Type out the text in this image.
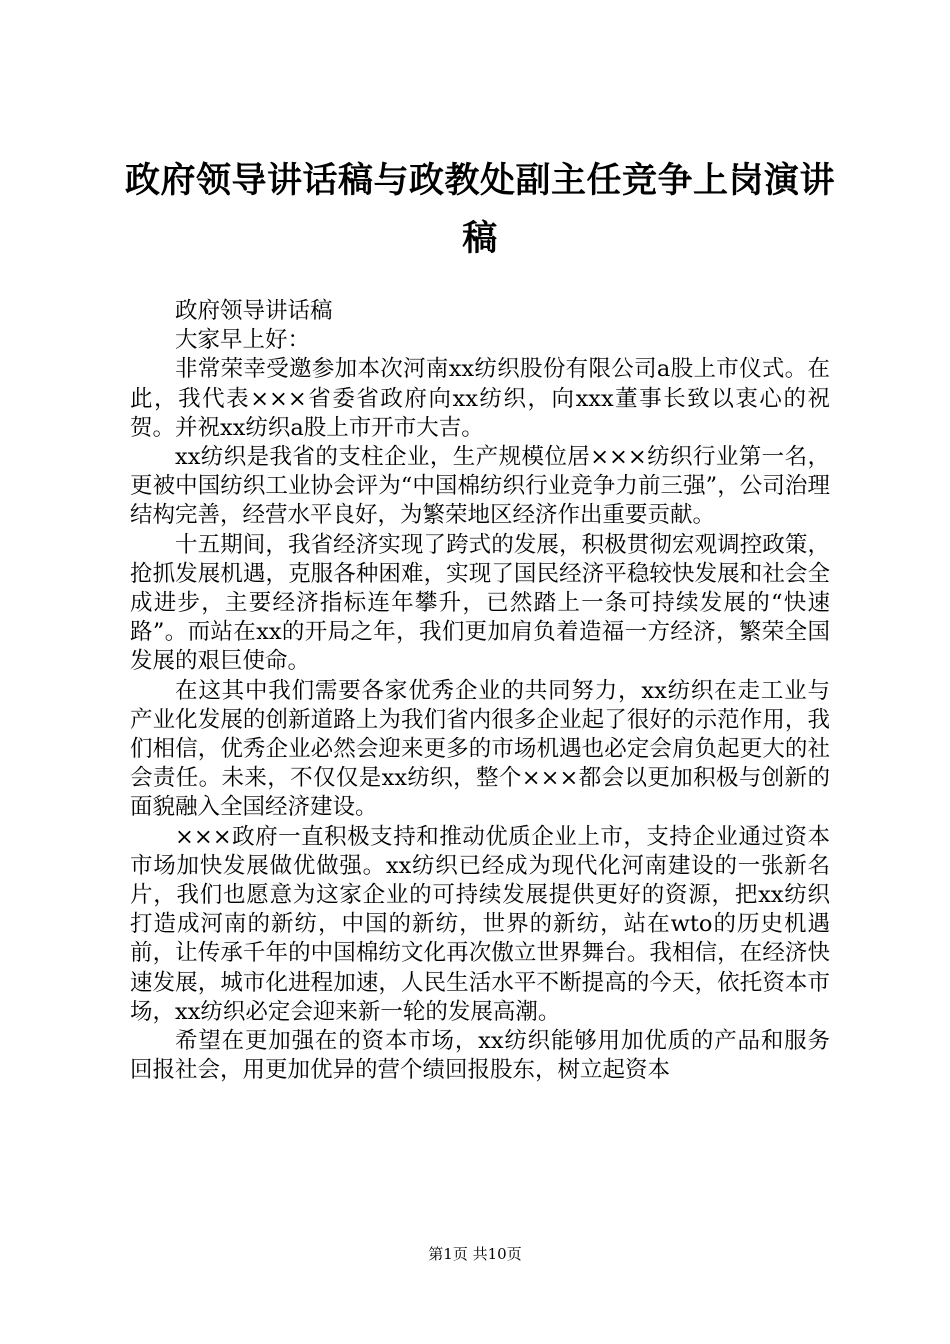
政府领导讲话稿与政教处副主任竞争上岗演讲稿

政府领导讲话稿

大家早上好：

非常荣幸受邀参加本次河南xx纺织股份有限公司a股上市仪式。在此，我代表×××省委省政府向xx纺织，向xxx董事长致以衷心的祝贺。并祝xx纺织a股上市开市大吉。

xx纺织是我省的支柱企业，生产规模位居×××纺织行业第一名，更被中国纺织工业协会评为“中国棉纺织行业竞争力前三强”，公司治理结构完善，经营水平良好，为繁荣地区经济作出重要贡献。

十五期间，我省经济实现了跨式的发展，积极贯彻宏观调控政策，抢抓发展机遇，克服各种困难，实现了国民经济平稳较快发展和社会全成进步，主要经济指标连年攀升，已然踏上一条可持续发展的“快速路”。而站在xx的开局之年，我们更加肩负着造福一方经济，繁荣全国发展的艰巨使命。

在这其中我们需要各家优秀企业的共同努力，xx纺织在走工业与产业化发展的创新道路上为我们省内很多企业起了很好的示范作用，我们相信，优秀企业必然会迎来更多的市场机遇也必定会肩负起更大的社会责任。未来，不仅仅是xx纺织，整个×××都会以更加积极与创新的面貌融入全国经济建设。

×××政府一直积极支持和推动优质企业上市，支持企业通过资本市场加快发展做优做强。xx纺织已经成为现代化河南建设的一张新名片，我们也愿意为这家企业的可持续发展提供更好的资源，把xx纺织打造成河南的新纺，中国的新纺，世界的新纺，站在wto的历史机遇前，让传承千年的中国棉纺文化再次傲立世界舞台。我相信，在经济快速发展，城市化进程加速，人民生活水平不断提高的今天，依托资本市场，xx纺织必定会迎来新一轮的发展高潮。

希望在更加强在的资本市场，xx纺织能够用加优质的产品和服务回报社会，用更加优异的营个绩回报股东，树立起资本

第1页 共10页
